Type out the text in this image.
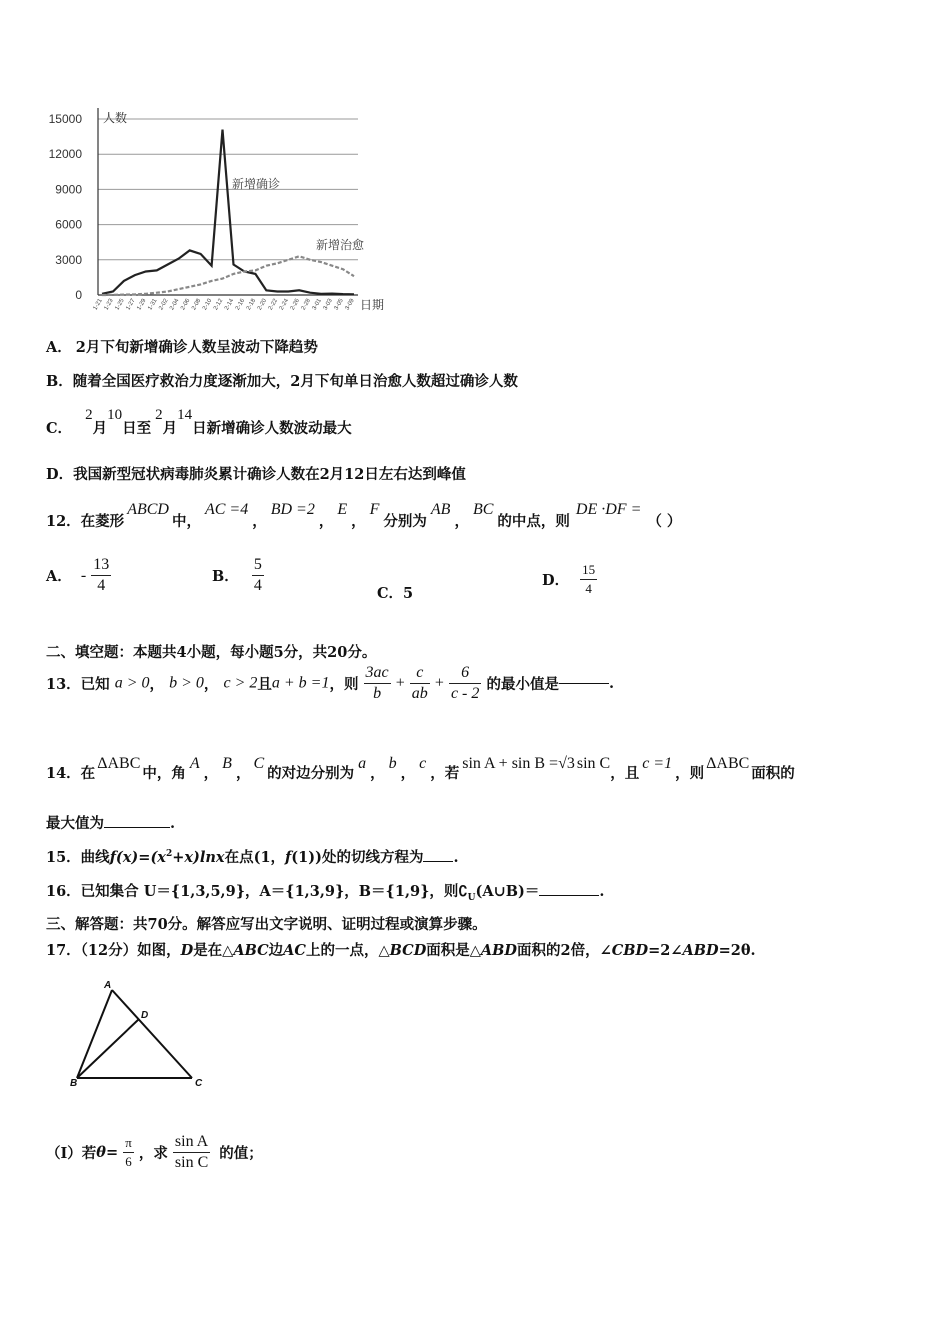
15000
12000
9000
6000
3000
0
1-21 1-23 1-25 1-27 1-29 1-31 2-02 2-04 2-06 2-08 2-10 2-12 2-14 2-16 2-18 2-20 2-22 2-24 2-26 2-28 3-01 3-03 3-05 3-09
人数
日期
新增确诊
新增治愈
A． 2月下旬新增确诊人数呈波动下降趋势
B．随着全国医疗救治力度逐渐加大，2月下旬单日治愈人数超过确诊人数
C． 2月10日至2月14日新增确诊人数波动最大
D．我国新型冠状病毒肺炎累计确诊人数在2月12日左右达到峰值
12．在菱形ABCD中，AC =4，BD =2，E，F分别为AB，BC的中点，则DE ·DF =（ ）
A． - $\frac{13}{4}$	B． $\frac{5}{4}$	C．5
D． $\frac{15}{4}$
二、填空题：本题共4小题，每小题5分，共20分。
13．已知 a > 0， b > 0， c > 2且a + b =1，则 $\frac{3ac}{b} + \frac{c}{ab} + \frac{6}{c - 2}$ 的最小值是	.
14．在ΔABC中，角A，B，C的对边分别为a，b，c，若sin A + sin B =√3 sin C，且c =1，则ΔABC面积的
最大值为	.
15．曲线$f(x)=(x^2+x)\ln x$在点(1，f(1))处的切线方程为 .
16．已知集合 U＝{1,3,5,9}，A＝{1,3,9}，B＝{1,9}，则$∁_U(A\cup B)=$	.
三、解答题：共70分。解答应写出文字说明、证明过程或演算步骤。
17．（12分）如图，D是在△ABC边AC上的一点，△BCD面积是△ABD面积的2倍，∠CBD=2∠ABD=2θ.
A
D
B	C
（Ⅰ）若$\theta= \frac{\pi}{6}$ ，求 $\frac{\text{sin A}}{\text{sin C}}$ 的值；
